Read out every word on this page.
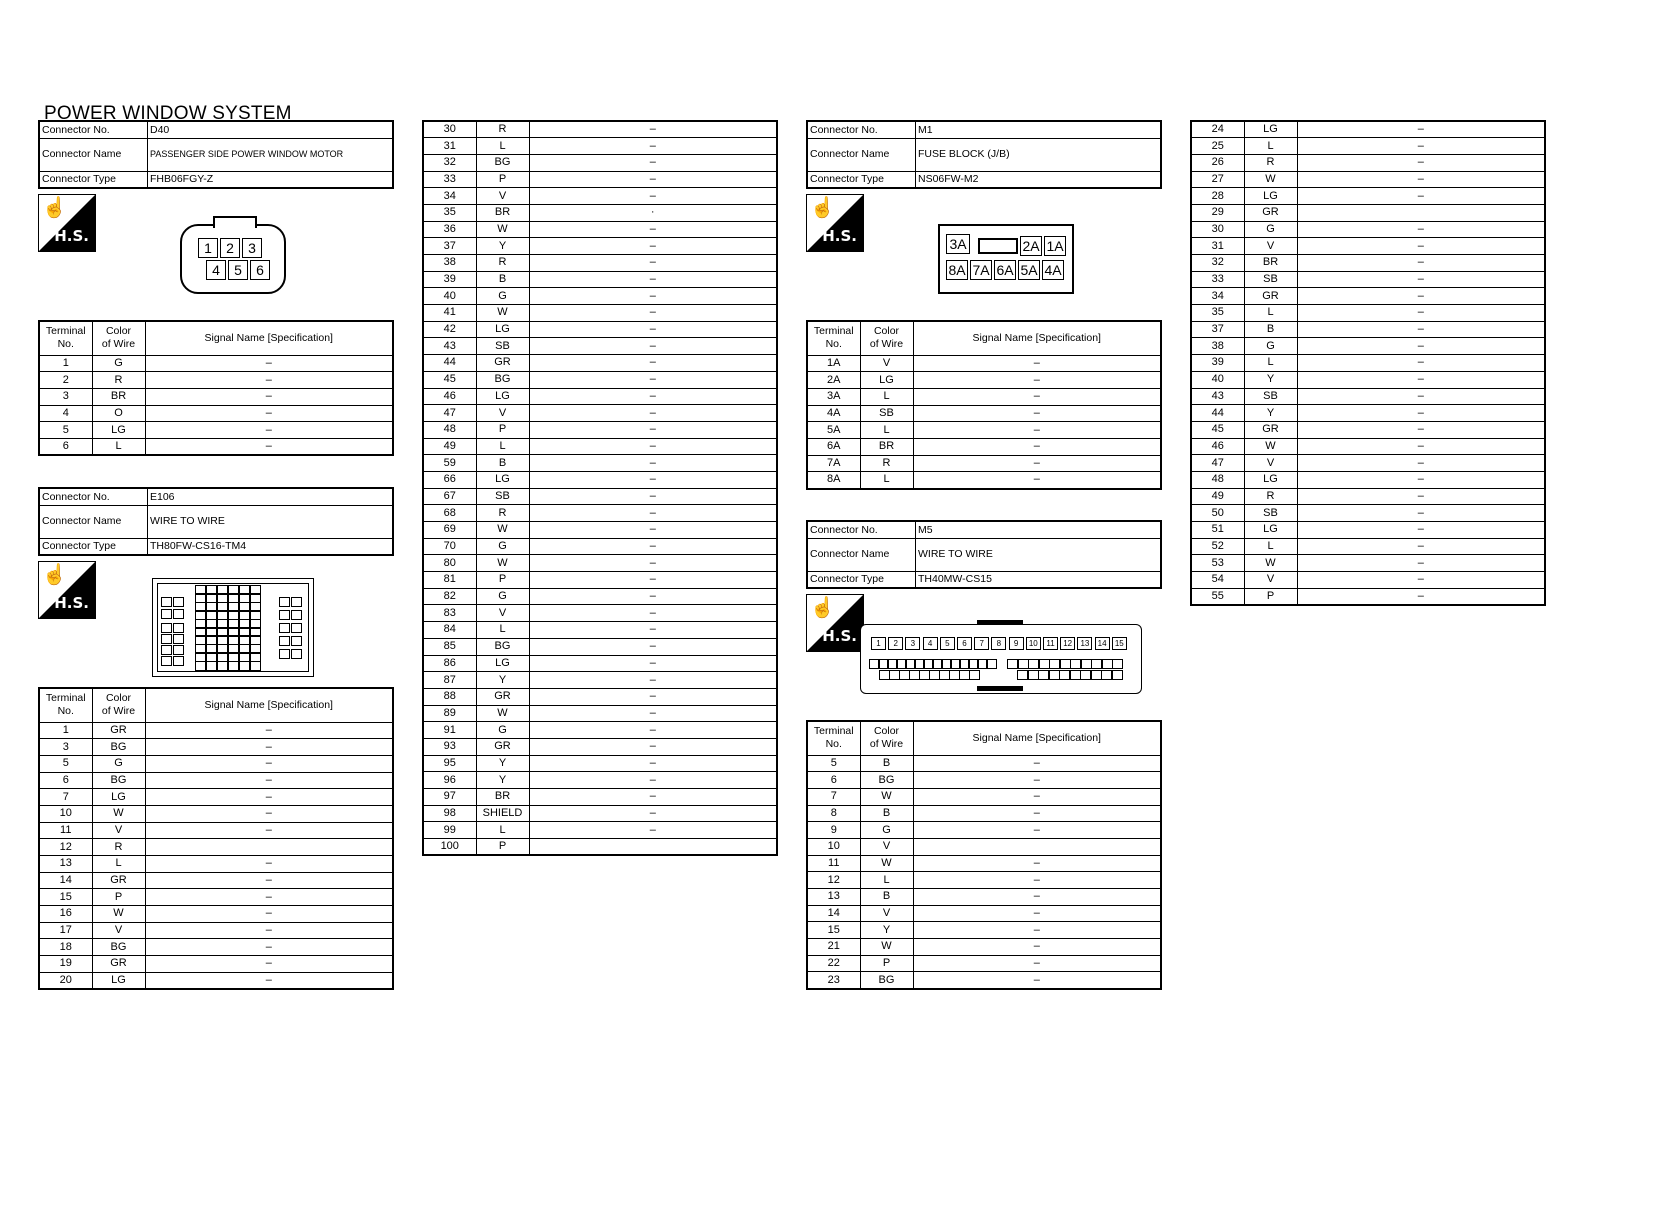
POWER WINDOW SYSTEM
Connector No.	D40
Connector Name	PASSENGER SIDE POWER WINDOW MOTOR
Connector Type	FHB06FGY-Z
☝
H.S.
1	2	3
4	5	6
Terminal
No.	Color
of Wire	Signal Name [Specification]
1	G	–
2	R	–
3	BR	–
4	O	–
5	LG	–
6	L	–
Connector No.	E106
Connector Name	WIRE TO WIRE
Connector Type	TH80FW-CS16-TM4
☝
H.S.
Terminal
No.	Color
of Wire	Signal Name [Specification]
1	GR	–
3	BG	–
5	G	–
6	BG	–
7	LG	–
10	W	–
11	V	–
12	R	
13	L	–
14	GR	–
15	P	–
16	W	–
17	V	–
18	BG	–
19	GR	–
20	LG	–
30	R	–
31	L	–
32	BG	–
33	P	–
34	V	–
35	BR	·
36	W	–
37	Y	–
38	R	–
39	B	–
40	G	–
41	W	–
42	LG	–
43	SB	–
44	GR	–
45	BG	–
46	LG	–
47	V	–
48	P	–
49	L	–
59	B	–
66	LG	–
67	SB	–
68	R	–
69	W	–
70	G	–
80	W	–
81	P	–
82	G	–
83	V	–
84	L	–
85	BG	–
86	LG	–
87	Y	–
88	GR	–
89	W	–
91	G	–
93	GR	–
95	Y	–
96	Y	–
97	BR	–
98	SHIELD	–
99	L	–
100	P	
Connector No.	M1
Connector Name	FUSE BLOCK (J/B)
Connector Type	NS06FW-M2
☝
H.S.	3A	2A 1A
8A 7A 6A 5A 4A
Terminal
No.	Color
of Wire	Signal Name [Specification]
1A	V	–
2A	LG	–
3A	L	–
4A	SB	–
5A	L	–
6A	BR	–
7A	R	–
8A	L	–
Connector No.	M5
Connector Name	WIRE TO WIRE
Connector Type	TH40MW-CS15
☝
H.S.	1	2	3	4	5	6	7	8	9	10	11	12	13	14	15
Terminal
No.	Color
of Wire	Signal Name [Specification]
5	B	–
6	BG	–
7	W	–
8	B	–
9	G	–
10	V	
11	W	–
12	L	–
13	B	–
14	V	–
15	Y	–
21	W	–
22	P	–
23	BG	–
24	LG	–
25	L	–
26	R	–
27	W	–
28	LG	–
29	GR	
30	G	–
31	V	–
32	BR	–
33	SB	–
34	GR	–
35	L	–
37	B	–
38	G	–
39	L	–
40	Y	–
43	SB	–
44	Y	–
45	GR	–
46	W	–
47	V	–
48	LG	–
49	R	–
50	SB	–
51	LG	–
52	L	–
53	W	–
54	V	–
55	P	–
